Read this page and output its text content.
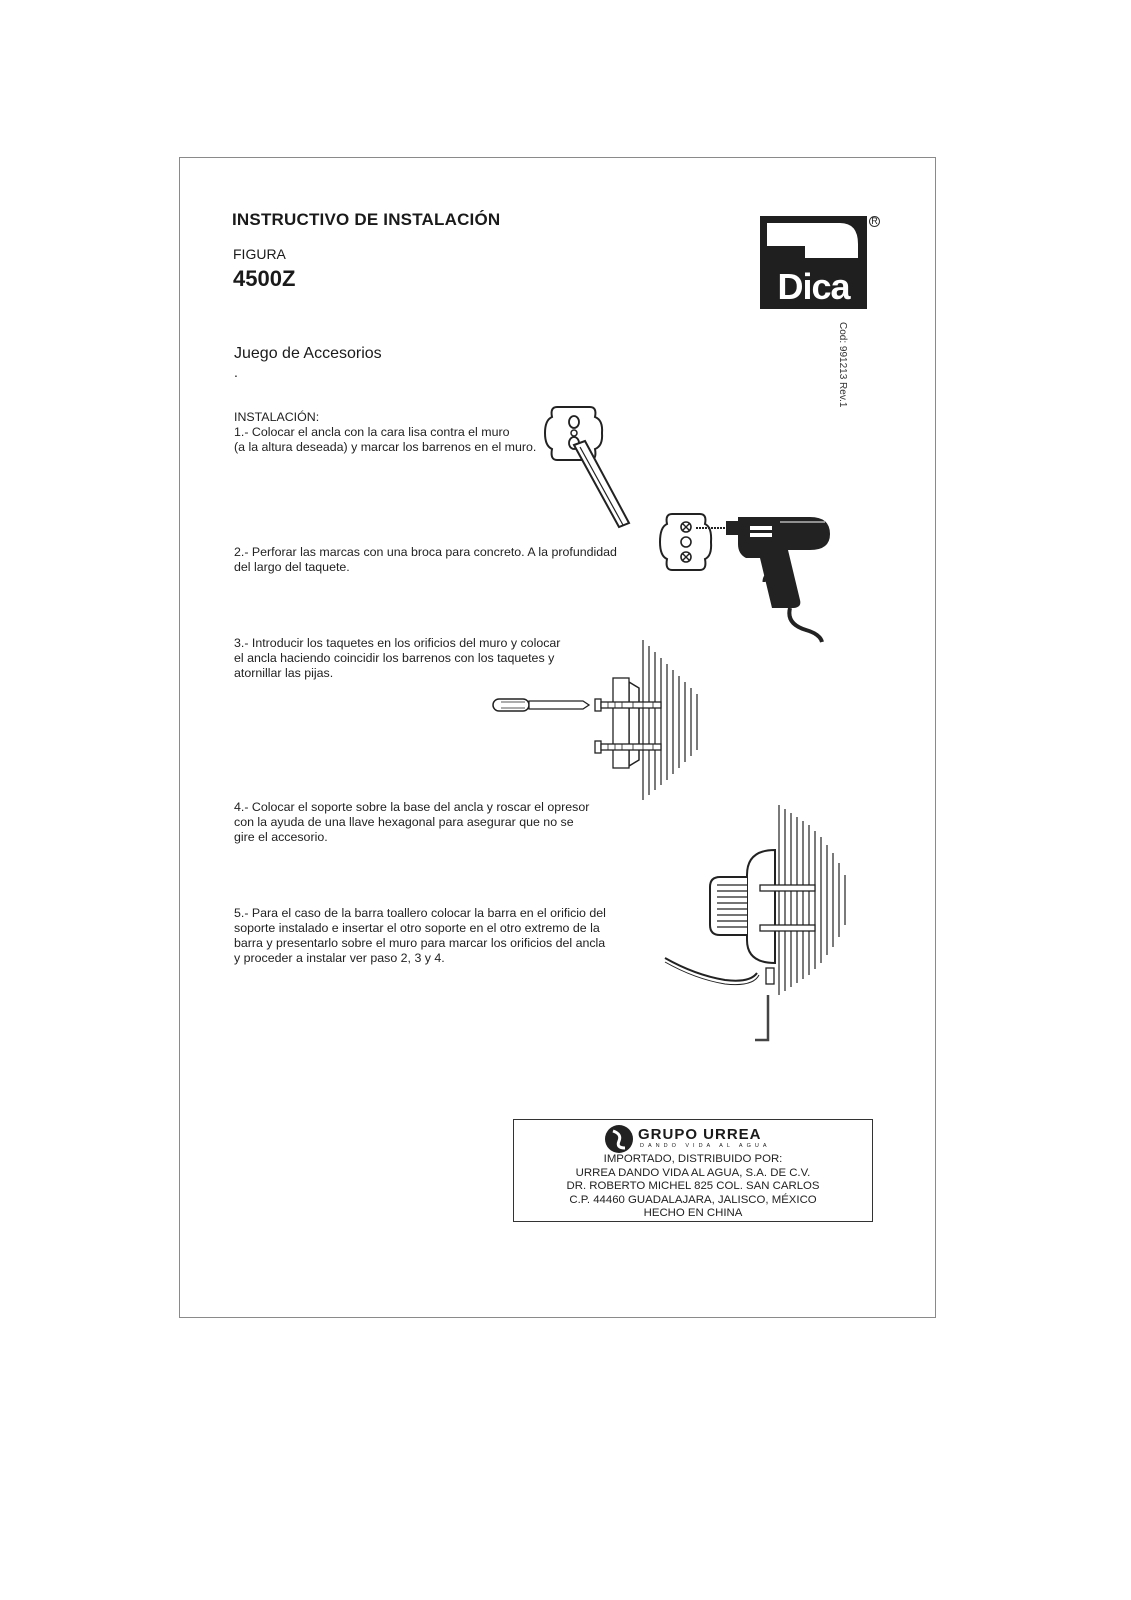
INSTRUCTIVO DE INSTALACIÓN
FIGURA
4500Z
Juego de Accesorios
.
Dica
R
Cod: 991213 Rev.1
INSTALACIÓN:
1.- Colocar el ancla con la cara lisa contra el muro
(a la altura deseada) y marcar los barrenos en el muro.
2.- Perforar las marcas con una broca para concreto. A la profundidad
del largo del taquete.
3.- Introducir los taquetes en los orificios del muro y colocar
el ancla haciendo coincidir los barrenos con los taquetes y
atornillar las pijas.
4.- Colocar el soporte sobre la base del ancla y roscar el opresor
con la ayuda de una llave hexagonal para asegurar que no se
gire el accesorio.
5.- Para el caso de la barra toallero colocar la barra en el orificio del
soporte instalado e insertar el otro soporte en el otro extremo de la
barra y presentarlo sobre el muro para marcar los orificios del ancla
y proceder a instalar ver paso 2, 3 y 4.
GRUPO URREA
DANDO VIDA AL AGUA
IMPORTADO, DISTRIBUIDO POR:
URREA DANDO VIDA AL AGUA, S.A. DE C.V.
DR. ROBERTO MICHEL 825 COL. SAN CARLOS
C.P. 44460 GUADALAJARA, JALISCO, MÉXICO
HECHO EN CHINA
